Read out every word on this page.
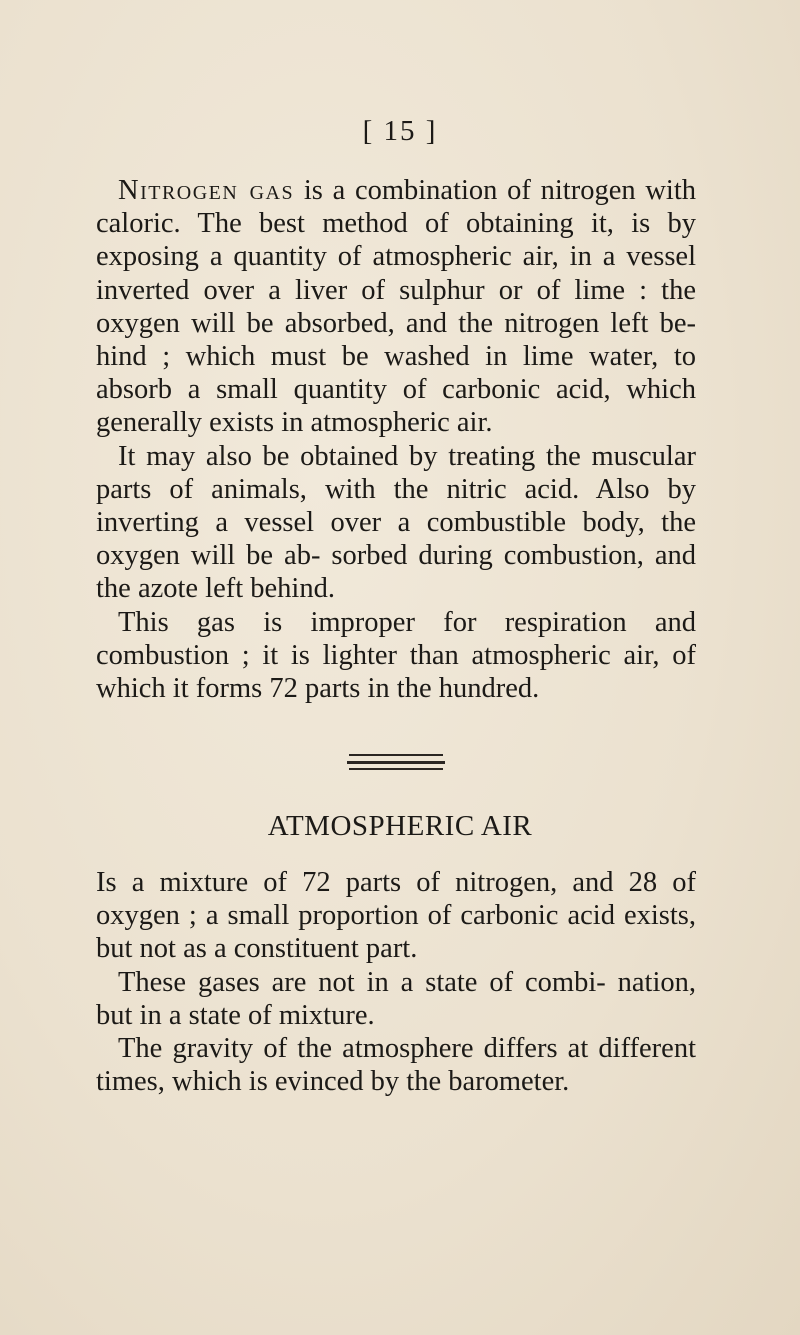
[ 15 ]

Nitrogen gas is a combination of nitrogen with caloric. The best method of obtaining it, is by exposing a quantity of atmospheric air, in a vessel inverted over a liver of sulphur or of lime : the oxygen will be absorbed, and the nitrogen left be- hind ; which must be washed in lime water, to absorb a small quantity of carbonic acid, which generally exists in atmospheric air.

It may also be obtained by treating the muscular parts of animals, with the nitric acid. Also by inverting a vessel over a combustible body, the oxygen will be ab- sorbed during combustion, and the azote left behind.

This gas is improper for respiration and combustion ; it is lighter than atmospheric air, of which it forms 72 parts in the hundred.

ATMOSPHERIC AIR

Is a mixture of 72 parts of nitrogen, and 28 of oxygen ; a small proportion of carbonic acid exists, but not as a constituent part.

These gases are not in a state of combi- nation, but in a state of mixture.

The gravity of the atmosphere differs at different times, which is evinced by the barometer.
